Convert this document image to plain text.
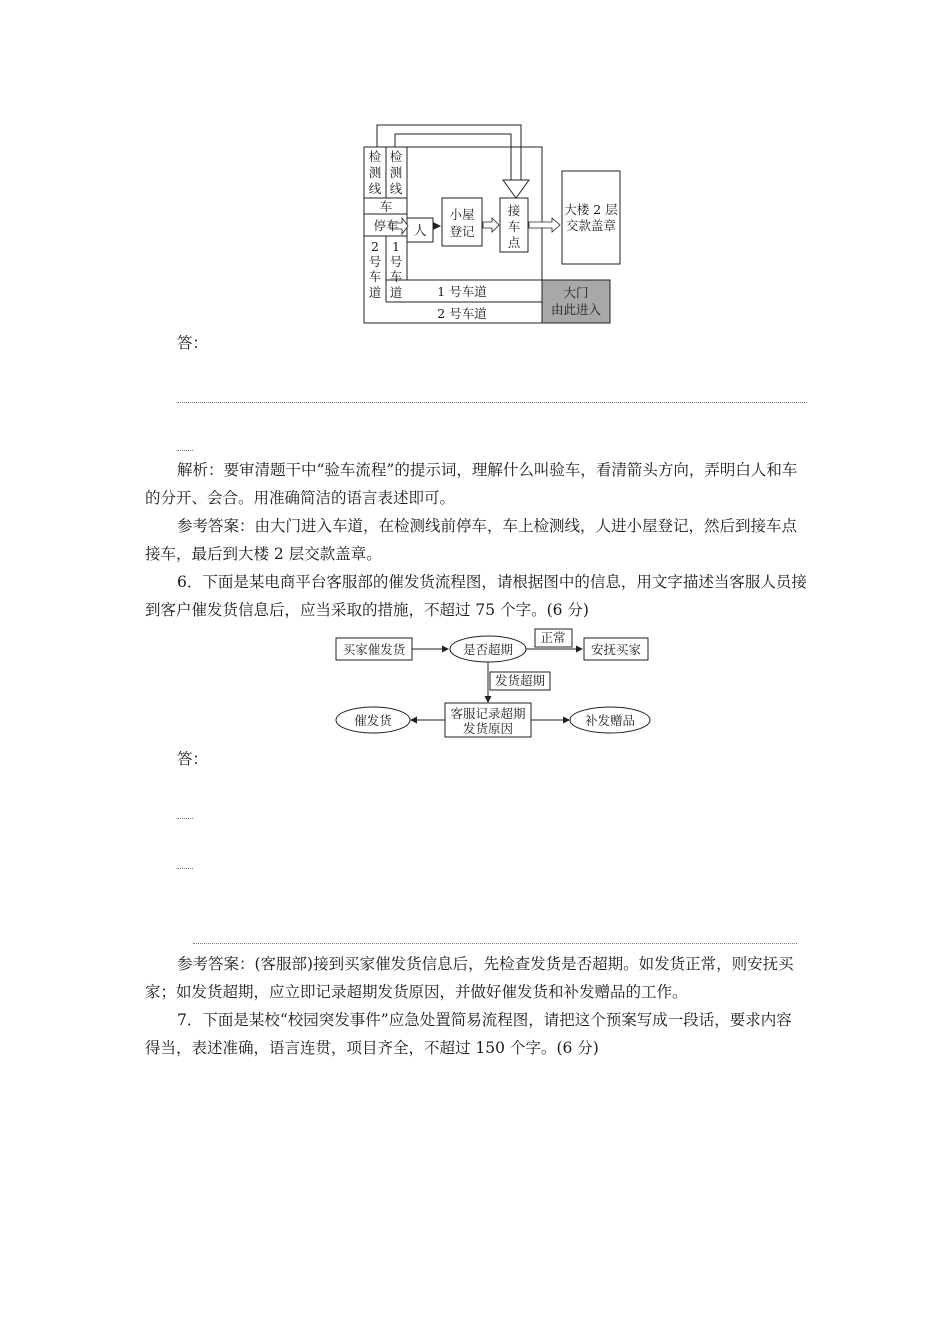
检
测
线
检
测
线
车
停车
2
号
车
道
1
号
车
道
人
小屋
登记
接
车
点
大楼 2 层
交款盖章
1 号车道
2 号车道
大门
由此进入
答：
解析：要审清题干中“验车流程”的提示词，理解什么叫验车，看清箭头方向，弄明白人和车的分开、会合。用准确简洁的语言表述即可。
参考答案：由大门进入车道，在检测线前停车，车上检测线，人进小屋登记，然后到接车点接车，最后到大楼 2 层交款盖章。
6．下面是某电商平台客服部的催发货流程图，请根据图中的信息，用文字描述当客服人员接到客户催发货信息后，应当采取的措施，不超过 75 个字。(6 分)
买家催发货	是否超期
正常
安抚买家
发货超期
客服记录超期
发货原因
催发货	补发赠品
答：
参考答案：(客服部)接到买家催发货信息后，先检查发货是否超期。如发货正常，则安抚买家；如发货超期，应立即记录超期发货原因，并做好催发货和补发赠品的工作。
7．下面是某校“校园突发事件”应急处置简易流程图，请把这个预案写成一段话，要求内容得当，表述准确，语言连贯，项目齐全，不超过 150 个字。(6 分)
